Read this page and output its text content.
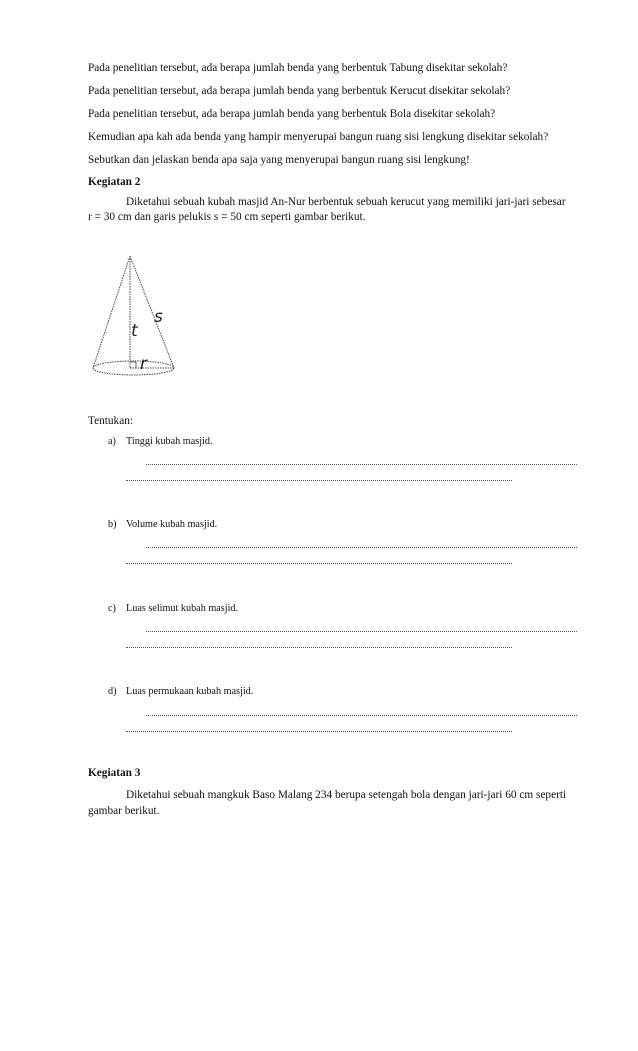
Pada penelitian tersebut, ada berapa jumlah benda yang berbentuk Tabung disekitar sekolah?
Pada penelitian tersebut, ada berapa jumlah benda yang berbentuk Kerucut disekitar sekolah?
Pada penelitian tersebut, ada berapa jumlah benda yang berbentuk Bola disekitar sekolah?
Kemudian apa kah ada benda yang hampir menyerupai bangun ruang sisi lengkung disekitar sekolah?
Sebutkan dan jelaskan benda apa saja yang menyerupai bangun ruang sisi lengkung!
Kegiatan 2
Diketahui sebuah kubah masjid An-Nur berbentuk sebuah kerucut yang memiliki jari-jari sebesar
r = 30 cm dan garis pelukis s = 50 cm seperti gambar berikut.
s
t
r
Tentukan:
a) Tinggi kubah masjid.
b) Volume kubah masjid.
c) Luas selimut kubah masjid.
d) Luas permukaan kubah masjid.
Kegiatan 3
Diketahui sebuah mangkuk Baso Malang 234 berupa setengah bola dengan jari-jari 60 cm seperti
gambar berikut.
